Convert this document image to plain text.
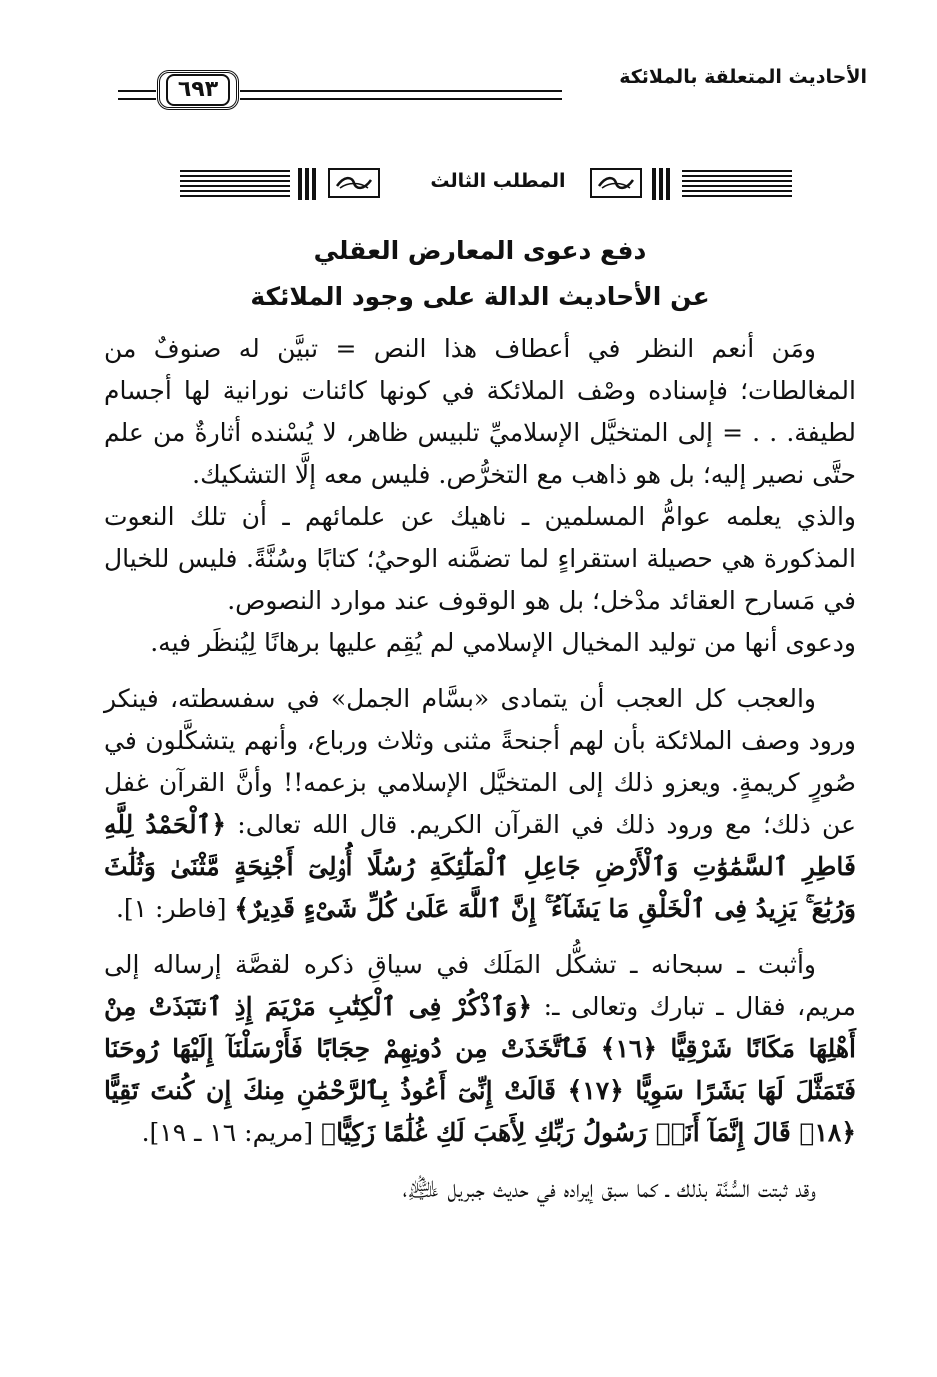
الأحاديث المتعلقة بالملائكة
٦٩٣
المطلب الثالث
دفع دعوى المعارض العقلي
عن الأحاديث الدالة على وجود الملائكة

ومَن أنعم النظر في أعطاف هذا النص = تبيَّن له صنوفٌ من المغالطات؛ فإسناده وصْف الملائكة في كونها كائنات نورانية لها أجسام لطيفة. . . = إلى المتخيَّل الإسلاميِّ تلبيس ظاهر، لا يُسْنده أثارةٌ من علم حتَّى نصير إليه؛ بل هو ذاهب مع التخرُّص. فليس معه إلَّا التشكيك.

والذي يعلمه عوامُّ المسلمين ـ ناهيك عن علمائهم ـ أن تلك النعوت المذكورة هي حصيلة استقراءٍ لما تضمَّنه الوحيُ؛ كتابًا وسُنَّةً. فليس للخيال في مَسارح العقائد مدْخل؛ بل هو الوقوف عند موارد النصوص.

ودعوى أنها من توليد المخيال الإسلامي لم يُقِم عليها برهانًا لِيُنظَر فيه.

والعجب كل العجب أن يتمادى «بسَّام الجمل» في سفسطته، فينكر ورود وصف الملائكة بأن لهم أجنحةً مثنى وثلاث ورباع، وأنهم يتشكَّلون في صُورٍ كريمةٍ. ويعزو ذلك إلى المتخيَّل الإسلامي بزعمه!! وأنَّ القرآن غفل عن ذلك؛ مع ورود ذلك في القرآن الكريم. قال الله تعالى: ﴿ٱلْحَمْدُ لِلَّهِ فَاطِرِ ٱلسَّمَٰوَٰتِ وَٱلْأَرْضِ جَاعِلِ ٱلْمَلَٰٓئِكَةِ رُسُلًا أُو۟لِىٓ أَجْنِحَةٍ مَّثْنَىٰ وَثُلَٰثَ وَرُبَٰعَ ۚ يَزِيدُ فِى ٱلْخَلْقِ مَا يَشَآءُ ۚ إِنَّ ٱللَّهَ عَلَىٰ كُلِّ شَىْءٍ قَدِيرٌ﴾ [فاطر: ١].

وأثبت ـ سبحانه ـ تشكُّل المَلَك في سياقِ ذكره لقصَّة إرساله إلى مريم، فقال ـ تبارك وتعالى ـ: ﴿وَٱذْكُرْ فِى ٱلْكِتَٰبِ مَرْيَمَ إِذِ ٱنتَبَذَتْ مِنْ أَهْلِهَا مَكَانًا شَرْقِيًّا ﴿١٦﴾ فَٱتَّخَذَتْ مِن دُونِهِمْ حِجَابًا فَأَرْسَلْنَآ إِلَيْهَا رُوحَنَا فَتَمَثَّلَ لَهَا بَشَرًا سَوِيًّا ﴿١٧﴾ قَالَتْ إِنِّىٓ أَعُوذُ بِٱلرَّحْمَٰنِ مِنكَ إِن كُنتَ تَقِيًّا ﴿١٨﴾ قَالَ إِنَّمَآ أَنَا۠ رَسُولُ رَبِّكِ لِأَهَبَ لَكِ غُلَٰمًا زَكِيًّا﴾ [مريم: ١٦ ـ ١٩].

وقد ثبتت السُّنَّة بذلك ـ كما سبق إيراده في حديث جبريل ﵇،
